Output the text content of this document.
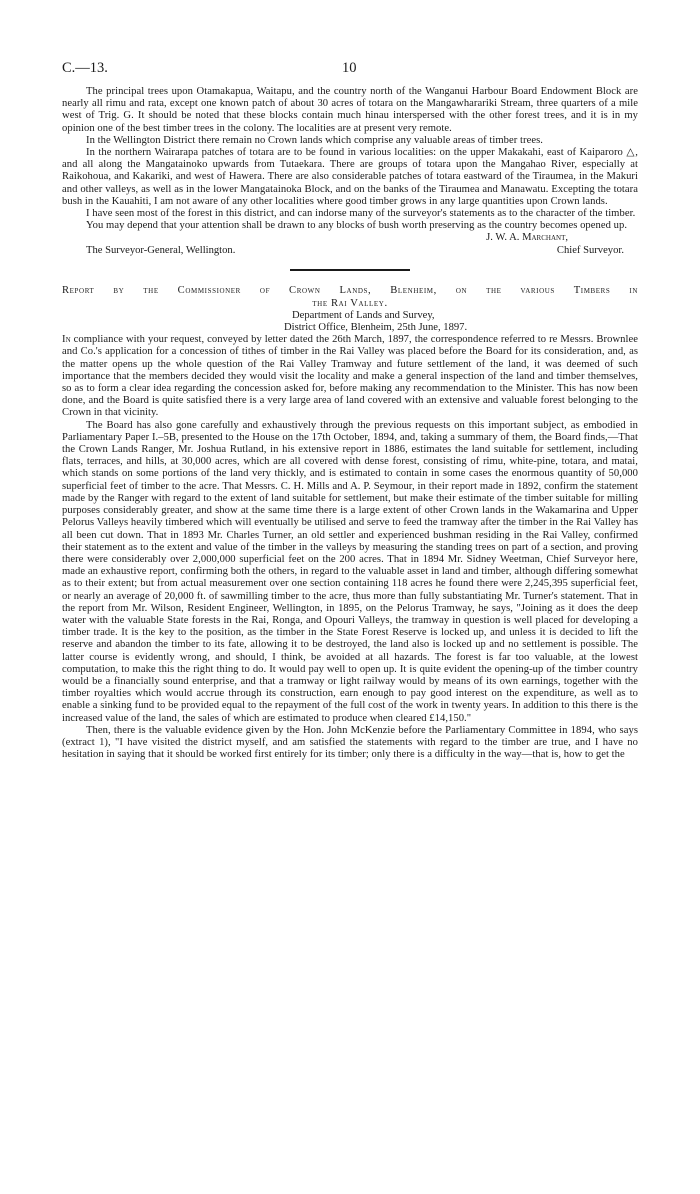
C.—13.	10

The principal trees upon Otamakapua, Waitapu, and the country north of the Wanganui Harbour Board Endowment Block are nearly all rimu and rata, except one known patch of about 30 acres of totara on the Mangawharariki Stream, three quarters of a mile west of Trig. G. It should be noted that these blocks contain much hinau interspersed with the other forest trees, and it is in my opinion one of the best timber trees in the colony. The localities are at present very remote.

In the Wellington District there remain no Crown lands which comprise any valuable areas of timber trees.

In the northern Wairarapa patches of totara are to be found in various localities: on the upper Makakahi, east of Kaiparoro △, and all along the Mangatainoko upwards from Tutaekara. There are groups of totara upon the Mangahao River, especially at Raikohoua, and Kakariki, and west of Hawera. There are also considerable patches of totara eastward of the Tiraumea, in the Makuri and other valleys, as well as in the lower Mangatainoka Block, and on the banks of the Tiraumea and Manawatu. Excepting the totara bush in the Kauahiti, I am not aware of any other localities where good timber grows in any large quantities upon Crown lands.

I have seen most of the forest in this district, and can indorse many of the surveyor's statements as to the character of the timber.

You may depend that your attention shall be drawn to any blocks of bush worth preserving as the country becomes opened up.

J. W. A. Marchant,
The Surveyor-General, Wellington.	Chief Surveyor.
Report by the Commissioner of Crown Lands, Blenheim, on the various Timbers in
the Rai Valley.
Department of Lands and Survey,
District Office, Blenheim, 25th June, 1897.

In compliance with your request, conveyed by letter dated the 26th March, 1897, the correspondence referred to re Messrs. Brownlee and Co.'s application for a concession of tithes of timber in the Rai Valley was placed before the Board for its consideration, and, as the matter opens up the whole question of the Rai Valley Tramway and future settlement of the land, it was deemed of such importance that the members decided they would visit the locality and make a general inspection of the land and timber themselves, so as to form a clear idea regarding the concession asked for, before making any recommendation to the Minister. This has now been done, and the Board is quite satisfied there is a very large area of land covered with an extensive and valuable forest belonging to the Crown in that vicinity.

The Board has also gone carefully and exhaustively through the previous requests on this important subject, as embodied in Parliamentary Paper I.–5B, presented to the House on the 17th October, 1894, and, taking a summary of them, the Board finds,—That the Crown Lands Ranger, Mr. Joshua Rutland, in his extensive report in 1886, estimates the land suitable for settlement, including flats, terraces, and hills, at 30,000 acres, which are all covered with dense forest, consisting of rimu, white-pine, totara, and matai, which stands on some portions of the land very thickly, and is estimated to contain in some cases the enormous quantity of 50,000 superficial feet of timber to the acre. That Messrs. C. H. Mills and A. P. Seymour, in their report made in 1892, confirm the statement made by the Ranger with regard to the extent of land suitable for settlement, but make their estimate of the timber suitable for milling purposes considerably greater, and show at the same time there is a large extent of other Crown lands in the Wakamarina and Upper Pelorus Valleys heavily timbered which will eventually be utilised and serve to feed the tramway after the timber in the Rai Valley has all been cut down. That in 1893 Mr. Charles Turner, an old settler and experienced bushman residing in the Rai Valley, confirmed their statement as to the extent and value of the timber in the valleys by measuring the standing trees on part of a section, and proving there were considerably over 2,000,000 superficial feet on the 200 acres. That in 1894 Mr. Sidney Weetman, Chief Surveyor here, made an exhaustive report, confirming both the others, in regard to the valuable asset in land and timber, although differing somewhat as to their extent; but from actual measurement over one section containing 118 acres he found there were 2,245,395 superficial feet, or nearly an average of 20,000 ft. of sawmilling timber to the acre, thus more than fully substantiating Mr. Turner's statement. That in the report from Mr. Wilson, Resident Engineer, Wellington, in 1895, on the Pelorus Tramway, he says, "Joining as it does the deep water with the valuable State forests in the Rai, Ronga, and Opouri Valleys, the tramway in question is well placed for developing a timber trade. It is the key to the position, as the timber in the State Forest Reserve is locked up, and unless it is decided to lift the reserve and abandon the timber to its fate, allowing it to be destroyed, the land also is locked up and no settlement is possible. The latter course is evidently wrong, and should, I think, be avoided at all hazards. The forest is far too valuable, at the lowest computation, to make this the right thing to do. It would pay well to open up. It is quite evident the opening-up of the timber country would be a financially sound enterprise, and that a tramway or light railway would by means of its own earnings, together with the timber royalties which would accrue through its construction, earn enough to pay good interest on the expenditure, as well as to enable a sinking fund to be provided equal to the repayment of the full cost of the work in twenty years. In addition to this there is the increased value of the land, the sales of which are estimated to produce when cleared £14,150."

Then, there is the valuable evidence given by the Hon. John McKenzie before the Parliamentary Committee in 1894, who says (extract 1), "I have visited the district myself, and am satisfied the statements with regard to the timber are true, and I have no hesitation in saying that it should be worked first entirely for its timber; only there is a difficulty in the way—that is, how to get the
